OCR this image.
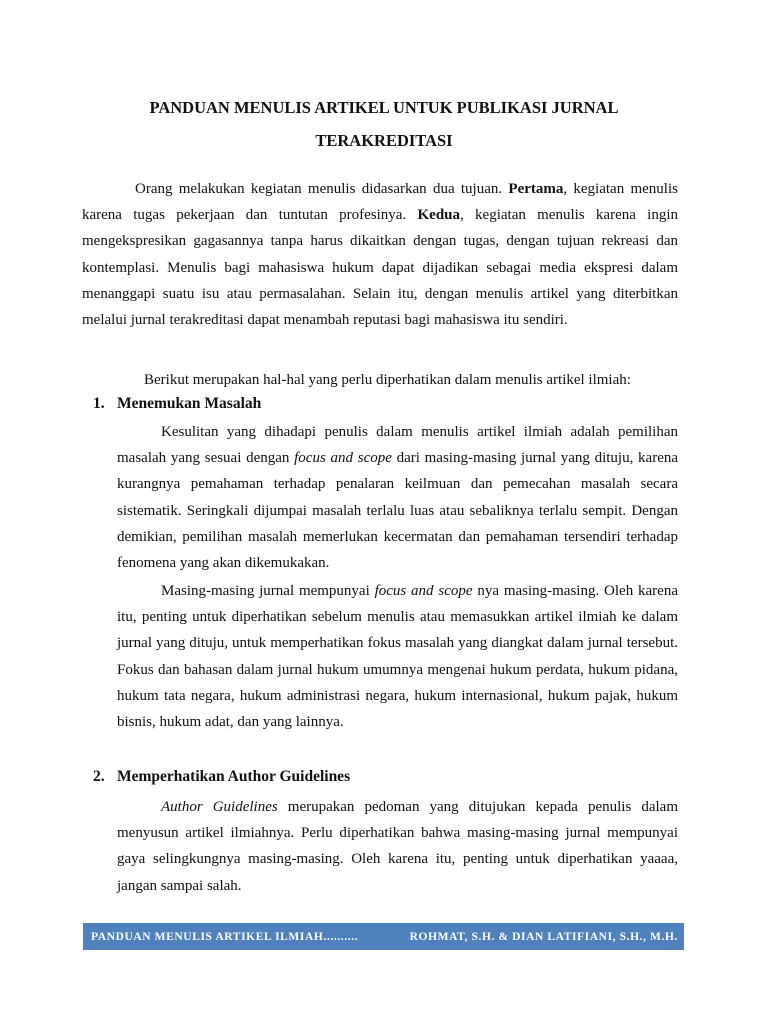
PANDUAN MENULIS ARTIKEL UNTUK PUBLIKASI JURNAL
TERAKREDITASI

Orang melakukan kegiatan menulis didasarkan dua tujuan. Pertama, kegiatan menulis karena tugas pekerjaan dan tuntutan profesinya. Kedua, kegiatan menulis karena ingin mengekspresikan gagasannya tanpa harus dikaitkan dengan tugas, dengan tujuan rekreasi dan kontemplasi. Menulis bagi mahasiswa hukum dapat dijadikan sebagai media ekspresi dalam menanggapi suatu isu atau permasalahan. Selain itu, dengan menulis artikel yang diterbitkan melalui jurnal terakreditasi dapat menambah reputasi bagi mahasiswa itu sendiri.

Berikut merupakan hal-hal yang perlu diperhatikan dalam menulis artikel ilmiah:

1. Menemukan Masalah

Kesulitan yang dihadapi penulis dalam menulis artikel ilmiah adalah pemilihan masalah yang sesuai dengan focus and scope dari masing-masing jurnal yang dituju, karena kurangnya pemahaman terhadap penalaran keilmuan dan pemecahan masalah secara sistematik. Seringkali dijumpai masalah terlalu luas atau sebaliknya terlalu sempit. Dengan demikian, pemilihan masalah memerlukan kecermatan dan pemahaman tersendiri terhadap fenomena yang akan dikemukakan.

Masing-masing jurnal mempunyai focus and scope nya masing-masing. Oleh karena itu, penting untuk diperhatikan sebelum menulis atau memasukkan artikel ilmiah ke dalam jurnal yang dituju, untuk memperhatikan fokus masalah yang diangkat dalam jurnal tersebut. Fokus dan bahasan dalam jurnal hukum umumnya mengenai hukum perdata, hukum pidana, hukum tata negara, hukum administrasi negara, hukum internasional, hukum pajak, hukum bisnis, hukum adat, dan yang lainnya.

2. Memperhatikan Author Guidelines

Author Guidelines merupakan pedoman yang ditujukan kepada penulis dalam menyusun artikel ilmiahnya. Perlu diperhatikan bahwa masing-masing jurnal mempunyai gaya selingkungnya masing-masing. Oleh karena itu, penting untuk diperhatikan yaaaa, jangan sampai salah.

PANDUAN MENULIS ARTIKEL ILMIAH..........	ROHMAT, S.H. & DIAN LATIFIANI, S.H., M.H.
